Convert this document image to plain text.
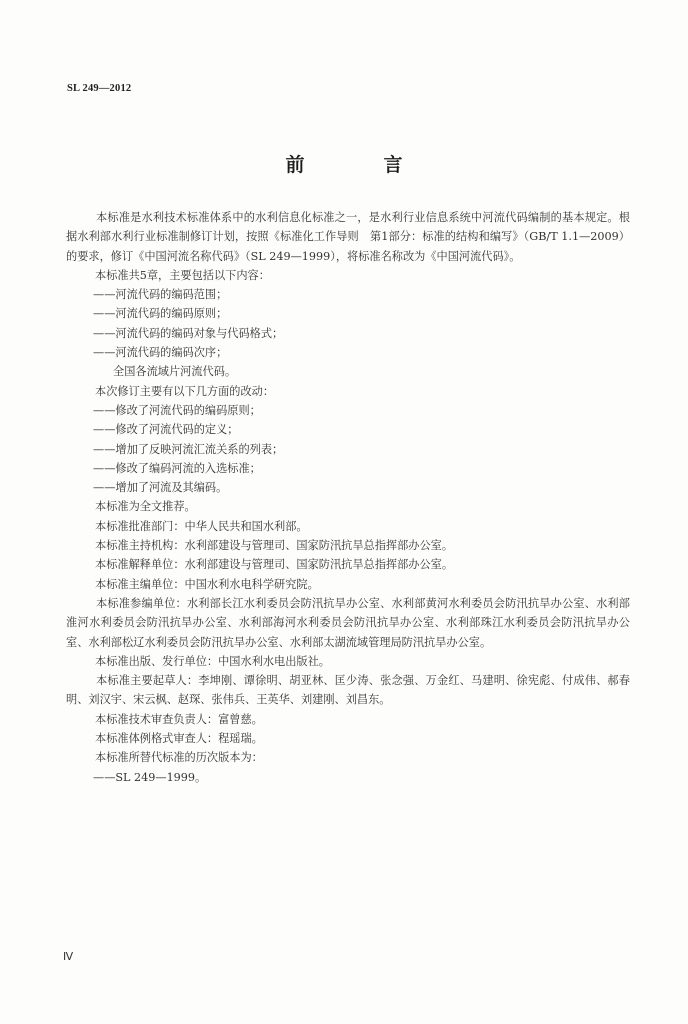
SL 249—2012
前　言

本标准是水利技术标准体系中的水利信息化标准之一，是水利行业信息系统中河流代码编制的基本规定。根据水利部水利行业标准制修订计划，按照《标准化工作导则　第1部分：标准的结构和编写》（GB/T 1.1—2009）的要求，修订《中国河流名称代码》（SL 249—1999），将标准名称改为《中国河流代码》。

本标准共5章，主要包括以下内容：

——河流代码的编码范围；

——河流代码的编码原则；

——河流代码的编码对象与代码格式；

——河流代码的编码次序；

全国各流域片河流代码。

本次修订主要有以下几方面的改动：

——修改了河流代码的编码原则；

——修改了河流代码的定义；

——增加了反映河流汇流关系的列表；

——修改了编码河流的入选标准；

——增加了河流及其编码。

本标准为全文推荐。

本标准批准部门：中华人民共和国水利部。

本标准主持机构：水利部建设与管理司、国家防汛抗旱总指挥部办公室。

本标准解释单位：水利部建设与管理司、国家防汛抗旱总指挥部办公室。

本标准主编单位：中国水利水电科学研究院。

本标准参编单位：水利部长江水利委员会防汛抗旱办公室、水利部黄河水利委员会防汛抗旱办公室、水利部淮河水利委员会防汛抗旱办公室、水利部海河水利委员会防汛抗旱办公室、水利部珠江水利委员会防汛抗旱办公室、水利部松辽水利委员会防汛抗旱办公室、水利部太湖流域管理局防汛抗旱办公室。

本标准出版、发行单位：中国水利水电出版社。

本标准主要起草人：李坤刚、谭徐明、胡亚林、匡少涛、张念强、万金红、马建明、徐宪彪、付成伟、郝春明、刘汉宇、宋云枫、赵琛、张伟兵、王英华、刘建刚、刘昌东。

本标准技术审查负责人：富曾慈。

本标准体例格式审查人：程瑶瑞。

本标准所替代标准的历次版本为：

——SL 249—1999。

Ⅳ
